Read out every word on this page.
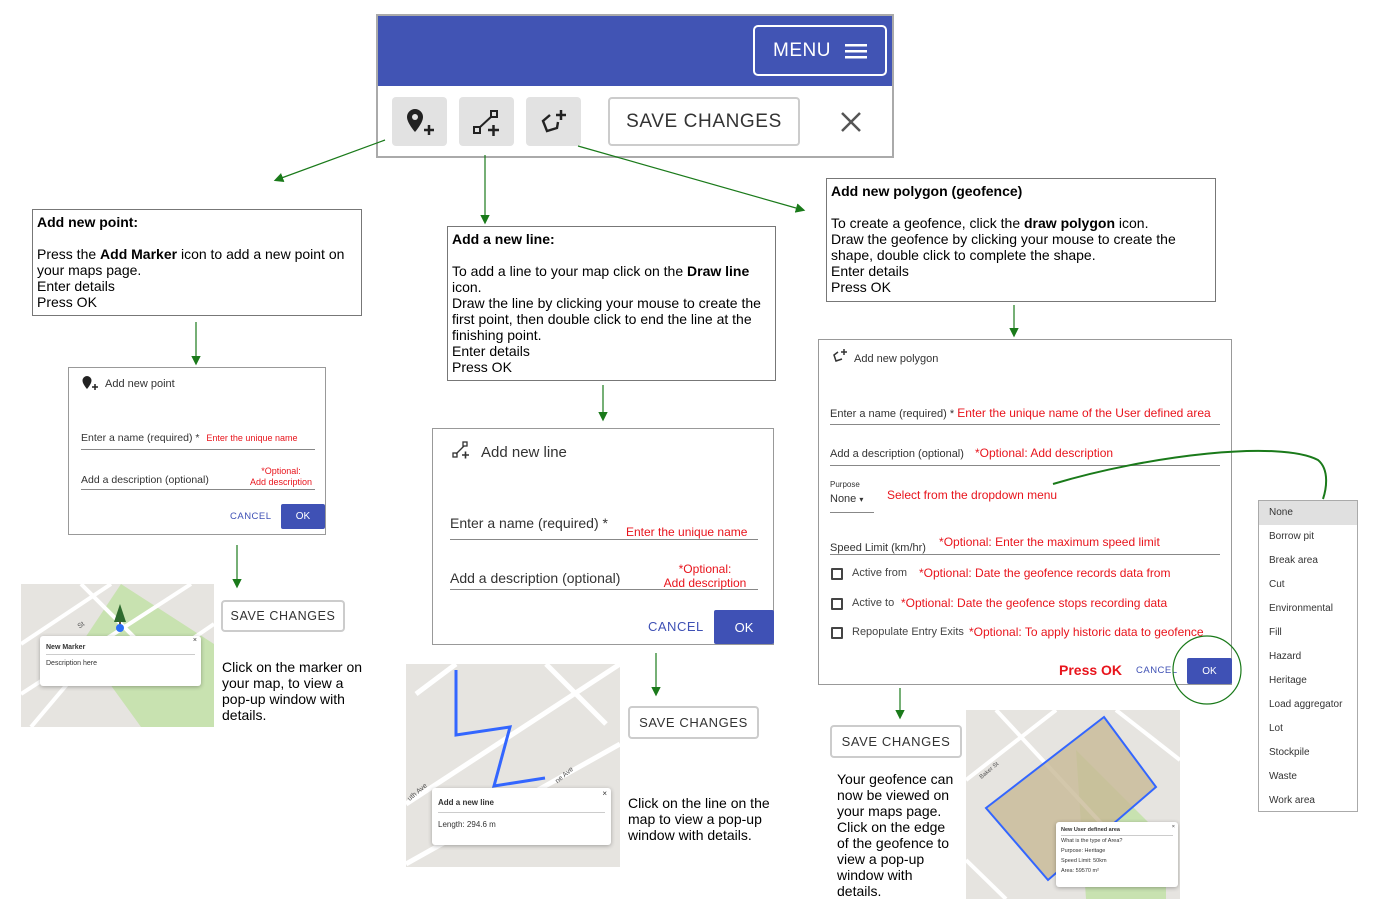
MENU
SAVE CHANGES

Add new point:

Press the Add Marker icon to add a new point on your maps page.

Enter details

Press OK

Add a new line:

To add a line to your map click on the Draw line icon.

Draw the line by clicking your mouse to create the first point, then double click to end the line at the finishing point.

Enter details

Press OK

Add new polygon (geofence)

To create a geofence, click the draw polygon icon.

Draw the geofence by clicking your mouse to create the shape, double click to complete the shape.

Enter details

Press OK

Add new point
Enter a name (required) * Enter the unique name
Add a description (optional)
*Optional:
Add description
CANCEL	OK
Add new line
Enter a name (required) *
Enter the unique name
Add a description (optional)
*Optional:
Add description
CANCEL	OK
Add new polygon
Enter a name (required) * Enter the unique name of the User defined area
Add a description (optional) *Optional: Add description
Purpose
None ▾	Select from the dropdown menu
Speed Limit (km/hr) *Optional: Enter the maximum speed limit
Active from *Optional: Date the geofence records data from
Active to *Optional: Date the geofence stops recording data
Repopulate Entry Exits *Optional: To apply historic data to geofence
Press OK CANCEL	OK
None
Borrow pit
Break area
Cut
Environmental
Fill
Hazard
Heritage
Load aggregator
Lot
Stockpile
Waste
Work area
St
×
New Marker
Description here
SAVE CHANGES
Click on the marker on your map, to view a pop-up window with details.
uth Ave
ne Ave
×
Add a new line
Length: 294.6 m
SAVE CHANGES
Click on the line on the map to view a pop-up window with details.
SAVE CHANGES
Your geofence can now be viewed on your maps page. Click on the edge of the geofence to view a pop-up window with details.
Baker St
×
New User defined area
What is the type of Area?
Purpose: Heritage
Speed Limit: 50km
Area: 59570 m²
